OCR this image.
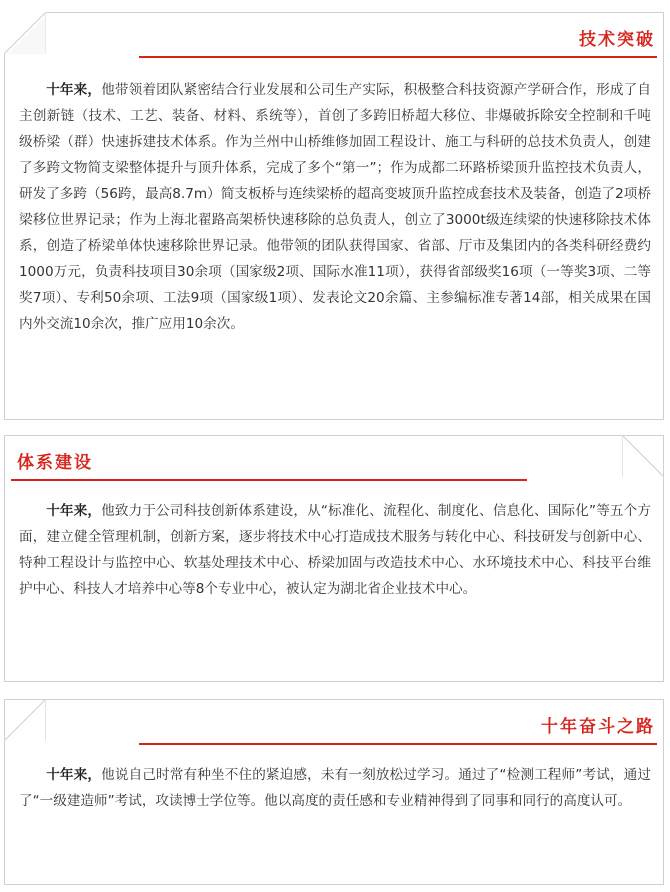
技术突破

十年来，他带领着团队紧密结合行业发展和公司生产实际，积极整合科技资源产学研合作，形成了自主创新链（技术、工艺、装备、材料、系统等），首创了多跨旧桥超大移位、非爆破拆除安全控制和千吨级桥梁（群）快速拆建技术体系。作为兰州中山桥维修加固工程设计、施工与科研的总技术负责人，创建了多跨文物简支梁整体提升与顶升体系，完成了多个“第一”；作为成都二环路桥梁顶升监控技术负责人，研发了多跨（56跨，最高8.7m）简支板桥与连续梁桥的超高变坡顶升监控成套技术及装备，创造了2项桥梁移位世界记录；作为上海北翟路高架桥快速移除的总负责人，创立了3000t级连续梁的快速移除技术体系，创造了桥梁单体快速移除世界记录。他带领的团队获得国家、省部、厅市及集团内的各类科研经费约1000万元，负责科技项目30余项（国家级2项、国际水准11项），获得省部级奖16项（一等奖3项、二等奖7项）、专利50余项、工法9项（国家级1项）、发表论文20余篇、主参编标准专著14部，相关成果在国内外交流10余次，推广应用10余次。

体系建设

十年来，他致力于公司科技创新体系建设，从“标准化、流程化、制度化、信息化、国际化”等五个方面，建立健全管理机制，创新方案，逐步将技术中心打造成技术服务与转化中心、科技研发与创新中心、特种工程设计与监控中心、软基处理技术中心、桥梁加固与改造技术中心、水环境技术中心、科技平台维护中心、科技人才培养中心等8个专业中心，被认定为湖北省企业技术中心。

十年奋斗之路

十年来，他说自己时常有种坐不住的紧迫感，未有一刻放松过学习。通过了“检测工程师”考试，通过了“一级建造师”考试，攻读博士学位等。他以高度的责任感和专业精神得到了同事和同行的高度认可。
